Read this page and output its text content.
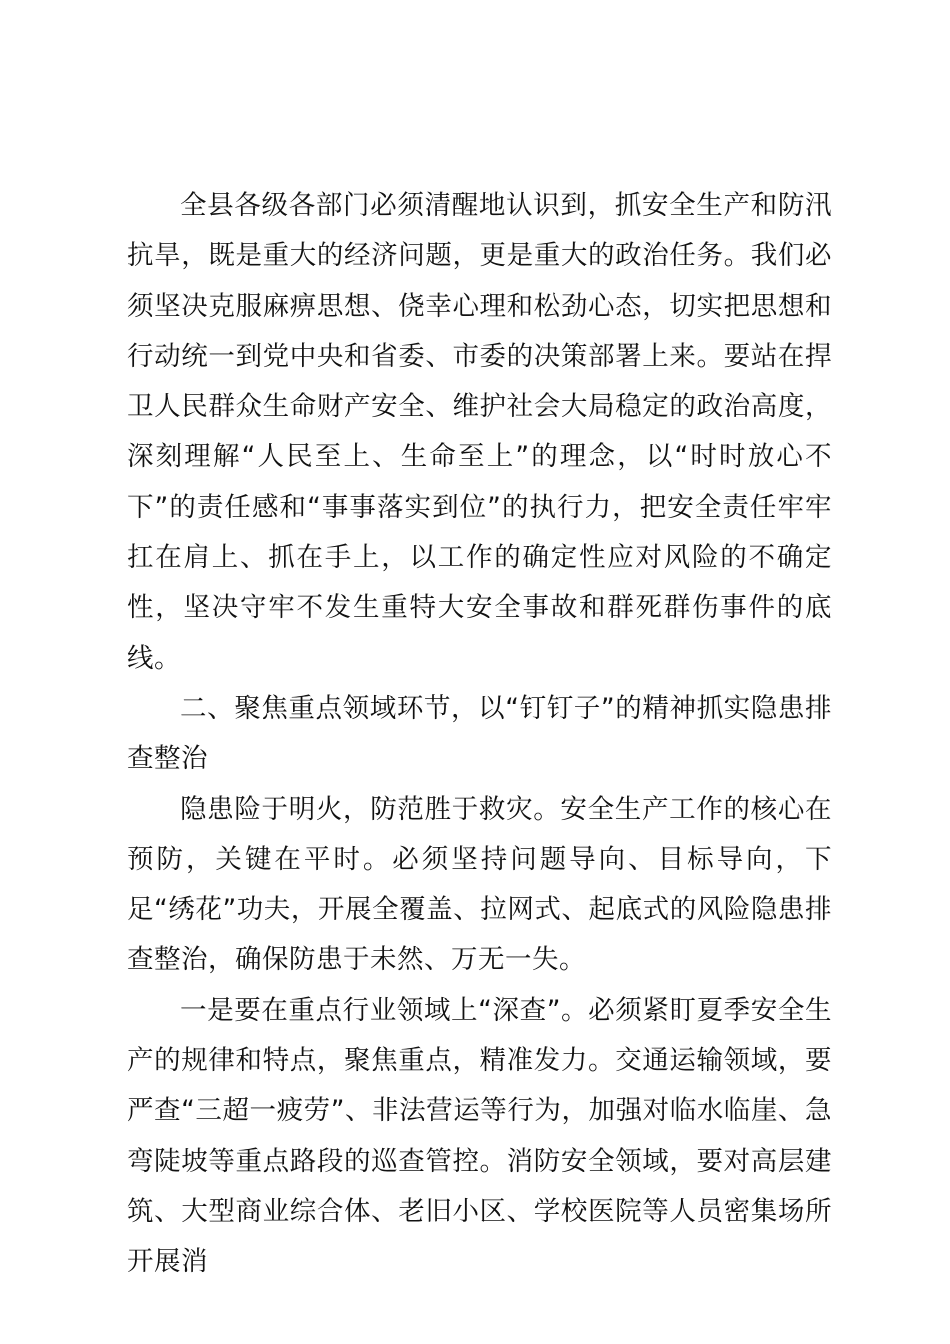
全县各级各部门必须清醒地认识到，抓安全生产和防汛抗旱，既是重大的经济问题，更是重大的政治任务。我们必须坚决克服麻痹思想、侥幸心理和松劲心态，切实把思想和行动统一到党中央和省委、市委的决策部署上来。要站在捍卫人民群众生命财产安全、维护社会大局稳定的政治高度，深刻理解“人民至上、生命至上”的理念，以“时时放心不下”的责任感和“事事落实到位”的执行力，把安全责任牢牢扛在肩上、抓在手上，以工作的确定性应对风险的不确定性，坚决守牢不发生重特大安全事故和群死群伤事件的底线。

二、聚焦重点领域环节，以“钉钉子”的精神抓实隐患排查整治

隐患险于明火，防范胜于救灾。安全生产工作的核心在预防，关键在平时。必须坚持问题导向、目标导向，下足“绣花”功夫，开展全覆盖、拉网式、起底式的风险隐患排查整治，确保防患于未然、万无一失。

一是要在重点行业领域上“深查”。必须紧盯夏季安全生产的规律和特点，聚焦重点，精准发力。交通运输领域，要严查“三超一疲劳”、非法营运等行为，加强对临水临崖、急弯陡坡等重点路段的巡查管控。消防安全领域，要对高层建筑、大型商业综合体、老旧小区、学校医院等人员密集场所开展消
